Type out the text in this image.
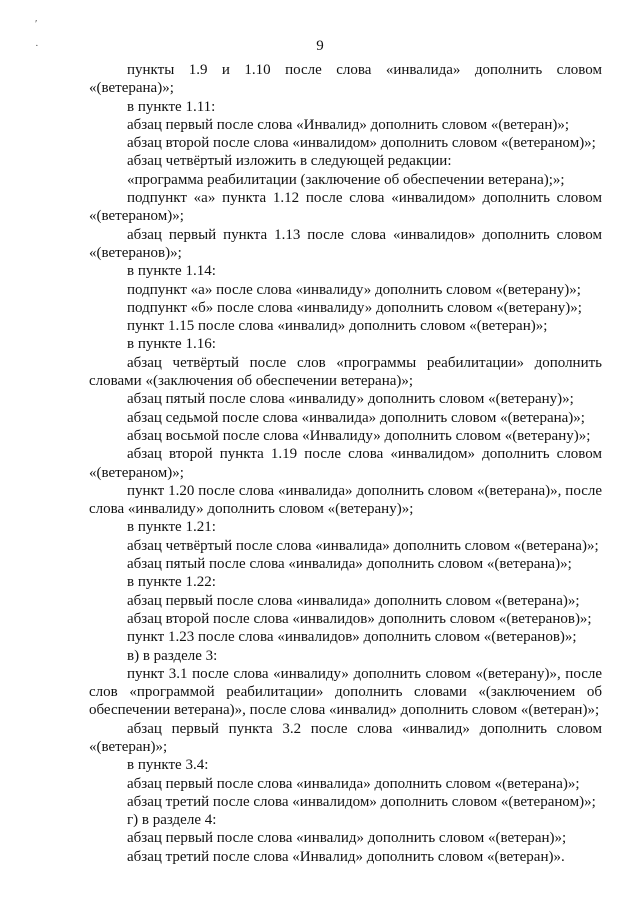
ʹ
·	9

пункты 1.9 и 1.10 после слова «инвалида» дополнить словом «(ветерана)»;

в пункте 1.11:

абзац первый после слова «Инвалид» дополнить словом «(ветеран)»;

абзац второй после слова «инвалидом» дополнить словом «(ветераном)»;

абзац четвёртый изложить в следующей редакции:

«программа реабилитации (заключение об обеспечении ветерана);»;

подпункт «а» пункта 1.12 после слова «инвалидом» дополнить словом «(ветераном)»;

абзац первый пункта 1.13 после слова «инвалидов» дополнить словом «(ветеранов)»;

в пункте 1.14:

подпункт «а» после слова «инвалиду» дополнить словом «(ветерану)»;

подпункт «б» после слова «инвалиду» дополнить словом «(ветерану)»;

пункт 1.15 после слова «инвалид» дополнить словом «(ветеран)»;

в пункте 1.16:

абзац четвёртый после слов «программы реабилитации» дополнить словами «(заключения об обеспечении ветерана)»;

абзац пятый после слова «инвалиду» дополнить словом «(ветерану)»;

абзац седьмой после слова «инвалида» дополнить словом «(ветерана)»;

абзац восьмой после слова «Инвалиду» дополнить словом «(ветерану)»;

абзац второй пункта 1.19 после слова «инвалидом» дополнить словом «(ветераном)»;

пункт 1.20 после слова «инвалида» дополнить словом «(ветерана)», после слова «инвалиду» дополнить словом «(ветерану)»;

в пункте 1.21:

абзац четвёртый после слова «инвалида» дополнить словом «(ветерана)»;

абзац пятый после слова «инвалида» дополнить словом «(ветерана)»;

в пункте 1.22:

абзац первый после слова «инвалида» дополнить словом «(ветерана)»;

абзац второй после слова «инвалидов» дополнить словом «(ветеранов)»;

пункт 1.23 после слова «инвалидов» дополнить словом «(ветеранов)»;

в) в разделе 3:

пункт 3.1 после слова «инвалиду» дополнить словом «(ветерану)», после слов «программой реабилитации» дополнить словами «(заключением об обеспечении ветерана)», после слова «инвалид» дополнить словом «(ветеран)»;

абзац первый пункта 3.2 после слова «инвалид» дополнить словом «(ветеран)»;

в пункте 3.4:

абзац первый после слова «инвалида» дополнить словом «(ветерана)»;

абзац третий после слова «инвалидом» дополнить словом «(ветераном)»;

г) в разделе 4:

абзац первый после слова «инвалид» дополнить словом «(ветеран)»;

абзац третий после слова «Инвалид» дополнить словом «(ветеран)».
